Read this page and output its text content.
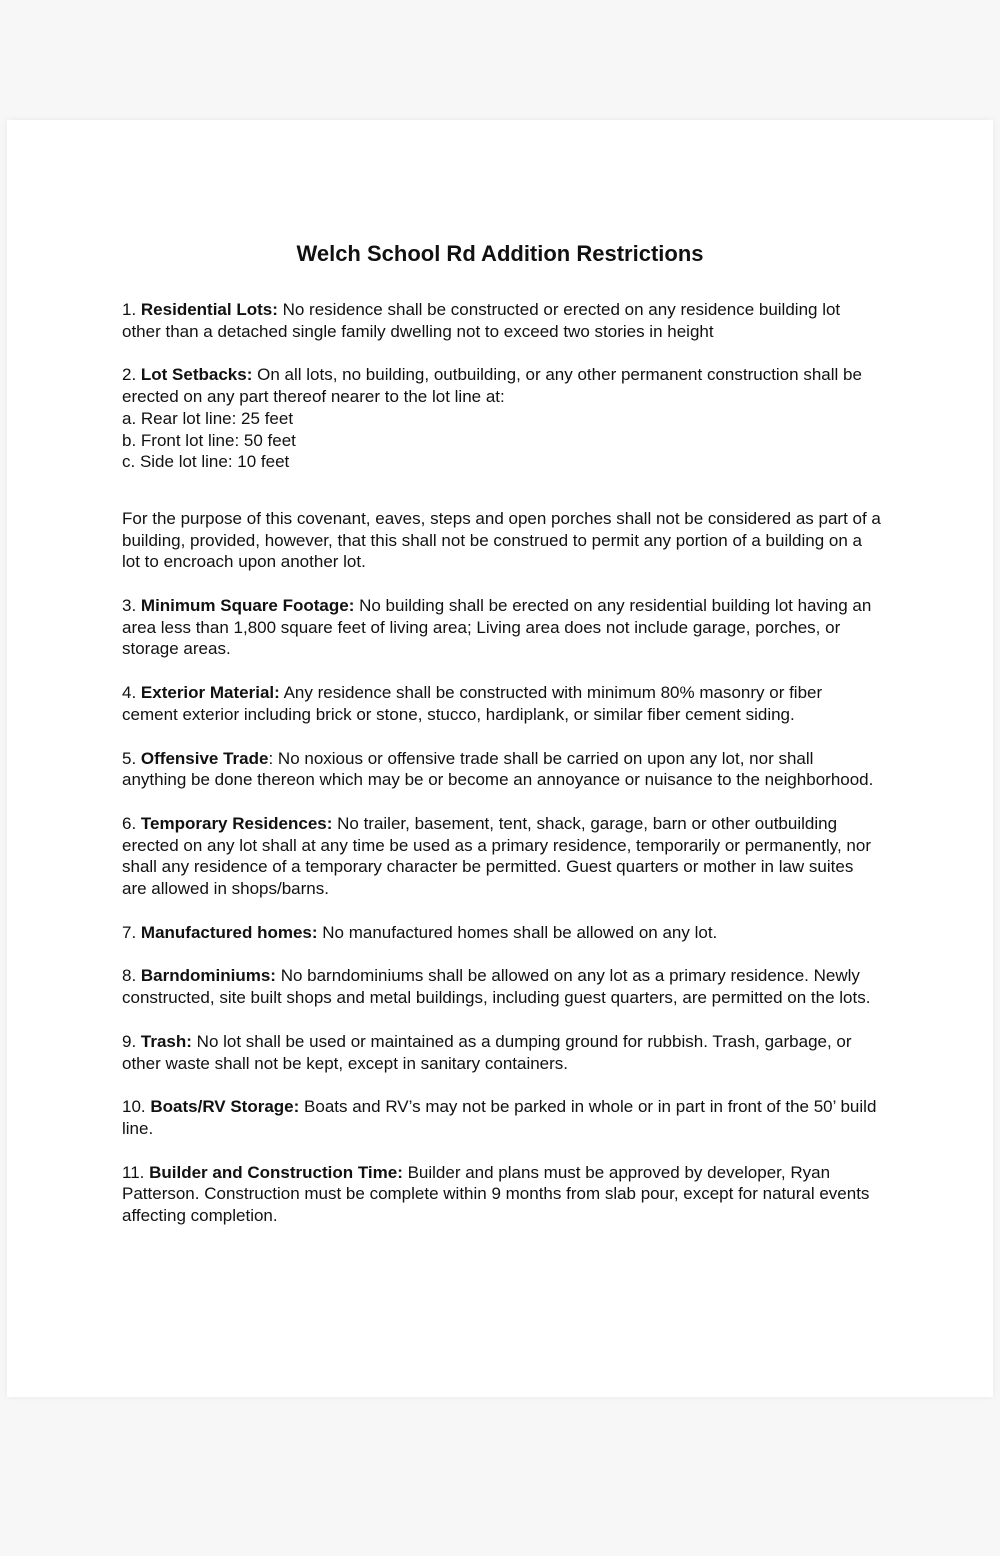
Welch School Rd Addition Restrictions

1. Residential Lots: No residence shall be constructed or erected on any residence building lot other than a detached single family dwelling not to exceed two stories in height

2. Lot Setbacks: On all lots, no building, outbuilding, or any other permanent construction shall be erected on any part thereof nearer to the lot line at:
a. Rear lot line: 25 feet
b. Front lot line: 50 feet
c. Side lot line: 10 feet

For the purpose of this covenant, eaves, steps and open porches shall not be considered as part of a building, provided, however, that this shall not be construed to permit any portion of a building on a lot to encroach upon another lot.

3. Minimum Square Footage: No building shall be erected on any residential building lot having an area less than 1,800 square feet of living area; Living area does not include garage, porches, or storage areas.

4. Exterior Material: Any residence shall be constructed with minimum 80% masonry or fiber cement exterior including brick or stone, stucco, hardiplank, or similar fiber cement siding.

5. Offensive Trade: No noxious or offensive trade shall be carried on upon any lot, nor shall anything be done thereon which may be or become an annoyance or nuisance to the neighborhood.

6. Temporary Residences: No trailer, basement, tent, shack, garage, barn or other outbuilding erected on any lot shall at any time be used as a primary residence, temporarily or permanently, nor shall any residence of a temporary character be permitted. Guest quarters or mother in law suites are allowed in shops/barns.

7. Manufactured homes: No manufactured homes shall be allowed on any lot.

8. Barndominiums: No barndominiums shall be allowed on any lot as a primary residence. Newly constructed, site built shops and metal buildings, including guest quarters, are permitted on the lots.

9. Trash: No lot shall be used or maintained as a dumping ground for rubbish. Trash, garbage, or other waste shall not be kept, except in sanitary containers.

10. Boats/RV Storage: Boats and RV’s may not be parked in whole or in part in front of the 50’ build line.

11. Builder and Construction Time: Builder and plans must be approved by developer, Ryan Patterson. Construction must be complete within 9 months from slab pour, except for natural events affecting completion.
